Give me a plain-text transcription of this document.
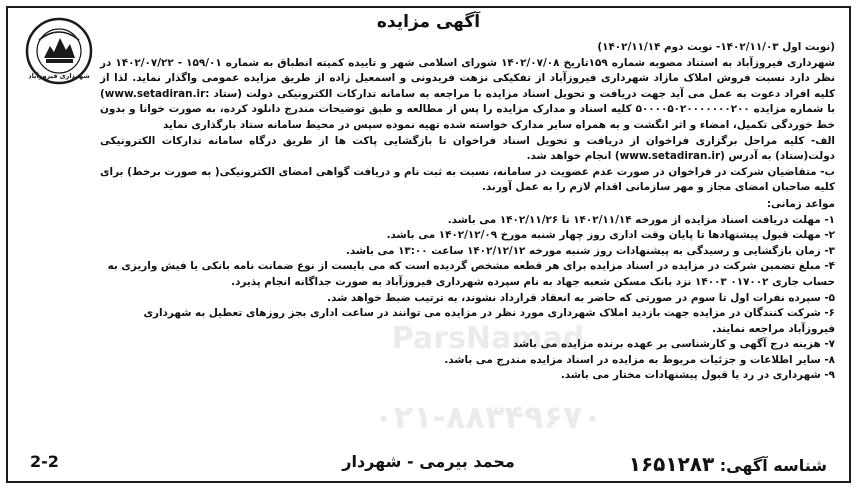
شهرداری فیروزآباد
آگهی مزایده

(نوبت اول ۱۴۰۲/۱۱/۰۳- نوبت دوم ۱۴۰۲/۱۱/۱۴)

شهرداری فیروزآباد به استناد مصوبه شماره ۱۵۹تاریخ ۱۴۰۲/۰۷/۰۸ شورای اسلامی شهر و تاییده کمیته انطباق به شماره ۱۵۹/۰۱ - ۱۴۰۲/۰۷/۲۲ در نظر دارد نسبت فروش املاک مازاد شهرداری فیروزآباد از تفکیکی نزهت فریدونی و اسمعیل زاده از طریق مزایده عمومی واگذار نماید. لذا از کلیه افراد دعوت به عمل می آید جهت دریافت و تحویل اسناد مزایده با مراجعه به سامانه تدارکات الکترونیکی دولت (ستاد :www.setadiran.ir) با شماره مزایده ۵۰۰۰۰۵۰۲۰۰۰۰۰۰۰۲۰۰ کلیه اسناد و مدارک مزایده را پس از مطالعه و طبق توضیحات مندرج دانلود کرده، به صورت خوانا و بدون خط خوردگی تکمیل، امضاء و اثر انگشت و به همراه سایر مدارک خواسته شده تهیه نموده سپس در محیط سامانه ستاد بارگذاری نماید

الف- کلیه مراحل برگزاری فراخوان از دریافت و تحویل اسناد فراخوان تا بازگشایی پاکت ها از طریق درگاه سامانه تدارکات الکترونیکی دولت(ستاد) به آدرس (www.setadiran.ir) انجام خواهد شد.

ب- متقاضیان شرکت در فراخوان در صورت عدم عضویت در سامانه، نسبت به ثبت نام و دریافت گواهی امضای الکترونیکی( به صورت برخط) برای کلیه صاحبان امضای مجاز و مهر سازمانی اقدام لازم را به عمل آورند.

مواعد زمانی:

۱- مهلت دریافت اسناد مزایده از مورخه ۱۴۰۲/۱۱/۱۴ تا ۱۴۰۲/۱۱/۲۶ می باشد.

۲- مهلت قبول پیشنهادها تا پایان وقت اداری روز چهار شنبه مورخ ۱۴۰۲/۱۲/۰۹ می باشد.

۳- زمان بازگشایی و رسیدگی به پیشنهادات روز شنبه مورخه ۱۴۰۲/۱۲/۱۲ ساعت ۱۳:۰۰ می باشد.

۴- مبلغ تضمین شرکت در مزایده در اسناد مزایده برای هر قطعه مشخص گردیده است که می بایست از نوع ضمانت نامه بانکی یا فیش واریزی به حساب جاری ۰۱۷۰۰۲ ۱۴۰۰۳ نزد بانک مسکن شعبه جهاد به نام سپرده شهرداری فیروزآباد به صورت جداگانه انجام پذیرد.

۵- سپرده نفرات اول تا سوم در صورتی که حاضر به انعقاد قرارداد نشوند، به ترتیب ضبط خواهد شد.

۶- شرکت کنندگان در مزایده جهت بازدید املاک شهرداری مورد نظر در مزایده می توانند در ساعت اداری بجز روزهای تعطیل به شهرداری فیروزآباد مراجعه نمایند.

۷- هزینه درج آگهی و کارشناسی بر عهده برنده مزایده می باشد

۸- سایر اطلاعات و جزئیات مربوط به مزایده در اسناد مزایده مندرج می باشد.

۹- شهرداری در رد یا قبول پیشنهادات مختار می باشد.

ParsNamad
۰۲۱-۸۸۳۴۹۶۷۰
شناسه آگهی: ۱۶۵۱۲۸۳
محمد بیرمی - شهردار
2-2
